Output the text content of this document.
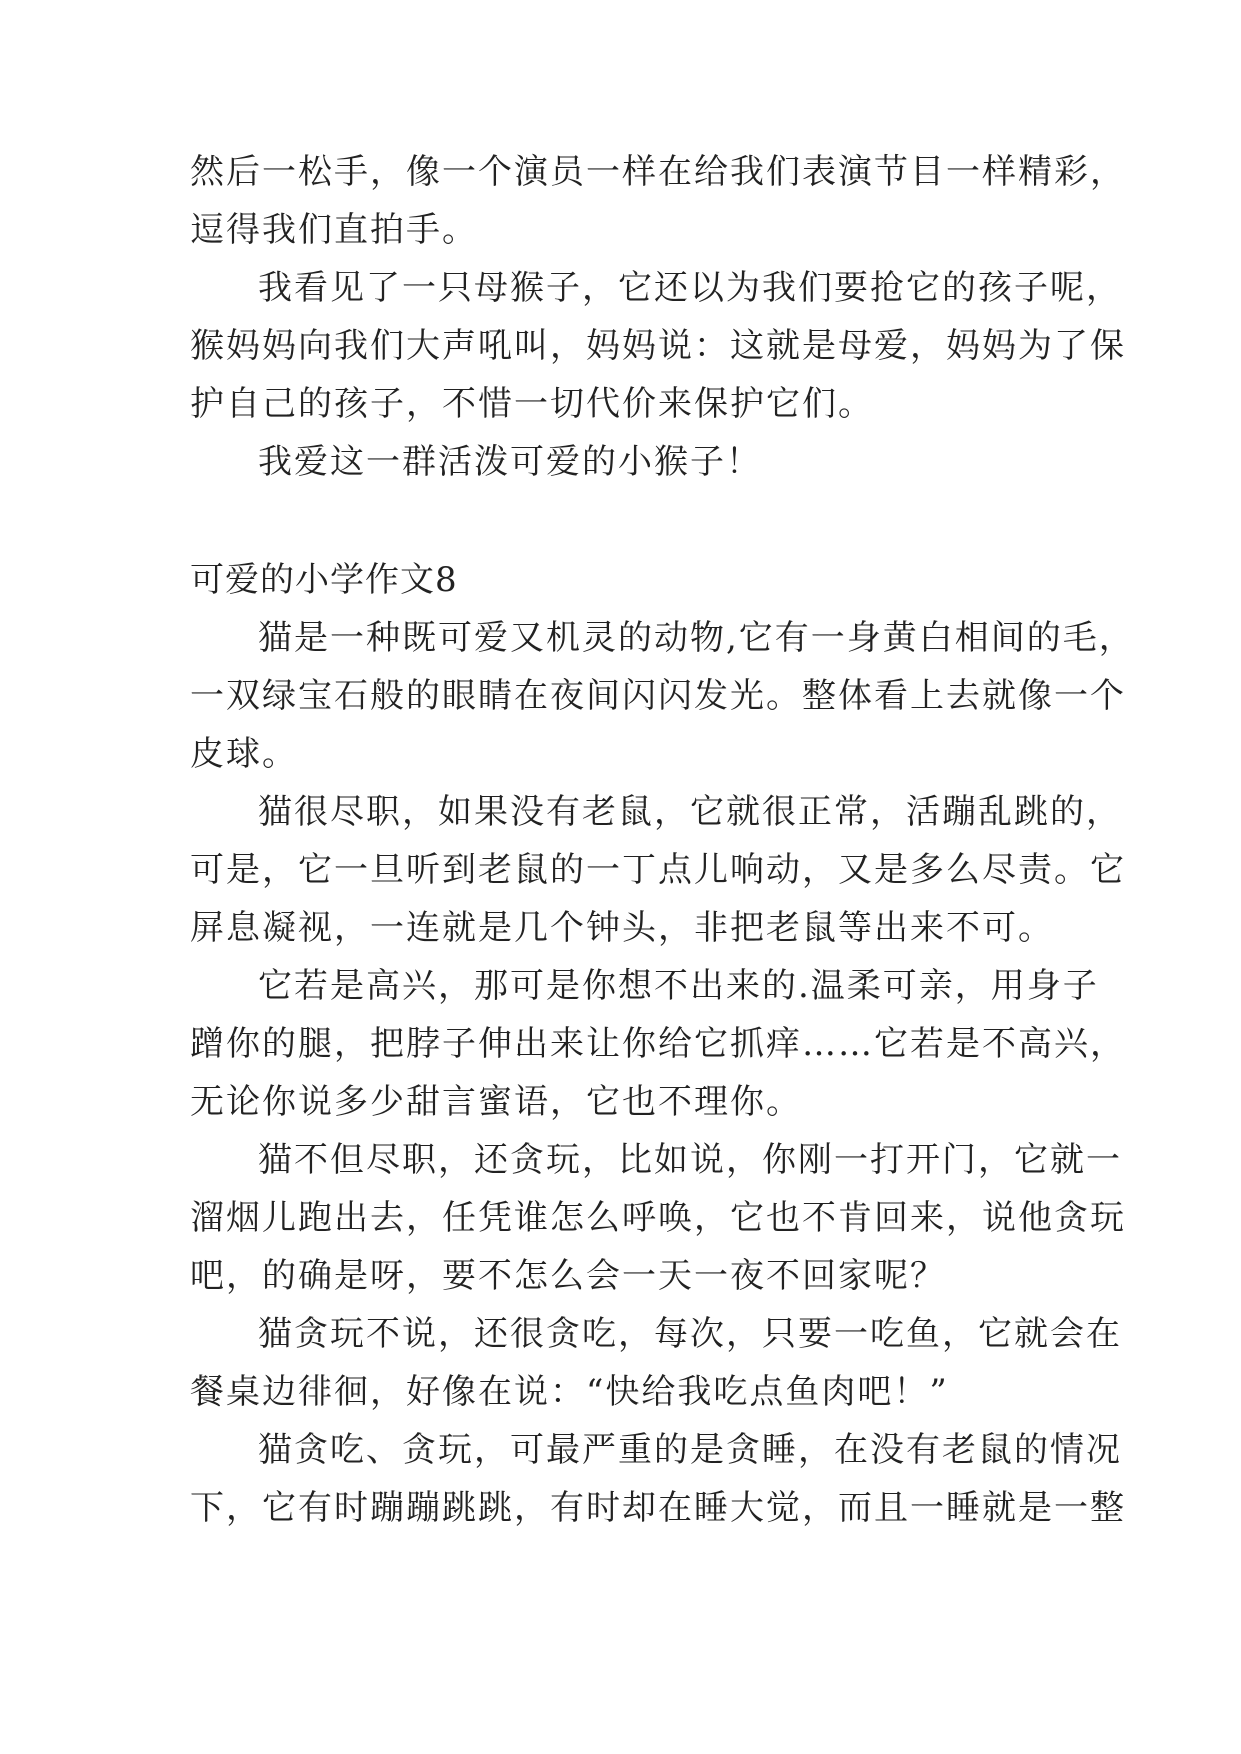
然后一松手，像一个演员一样在给我们表演节目一样精彩，
逗得我们直拍手。
我看见了一只母猴子，它还以为我们要抢它的孩子呢，
猴妈妈向我们大声吼叫，妈妈说：这就是母爱，妈妈为了保
护自己的孩子，不惜一切代价来保护它们。
我爱这一群活泼可爱的小猴子！
可爱的小学作文8
猫是一种既可爱又机灵的动物,它有一身黄白相间的毛，
一双绿宝石般的眼睛在夜间闪闪发光。整体看上去就像一个
皮球。
猫很尽职，如果没有老鼠，它就很正常，活蹦乱跳的，
可是，它一旦听到老鼠的一丁点儿响动，又是多么尽责。它
屏息凝视，一连就是几个钟头，非把老鼠等出来不可。
它若是高兴，那可是你想不出来的.温柔可亲，用身子
蹭你的腿，把脖子伸出来让你给它抓痒……它若是不高兴，
无论你说多少甜言蜜语，它也不理你。
猫不但尽职，还贪玩，比如说，你刚一打开门，它就一
溜烟儿跑出去，任凭谁怎么呼唤，它也不肯回来，说他贪玩
吧，的确是呀，要不怎么会一天一夜不回家呢？
猫贪玩不说，还很贪吃，每次，只要一吃鱼，它就会在
餐桌边徘徊，好像在说：“快给我吃点鱼肉吧！”
猫贪吃、贪玩，可最严重的是贪睡，在没有老鼠的情况
下，它有时蹦蹦跳跳，有时却在睡大觉，而且一睡就是一整
